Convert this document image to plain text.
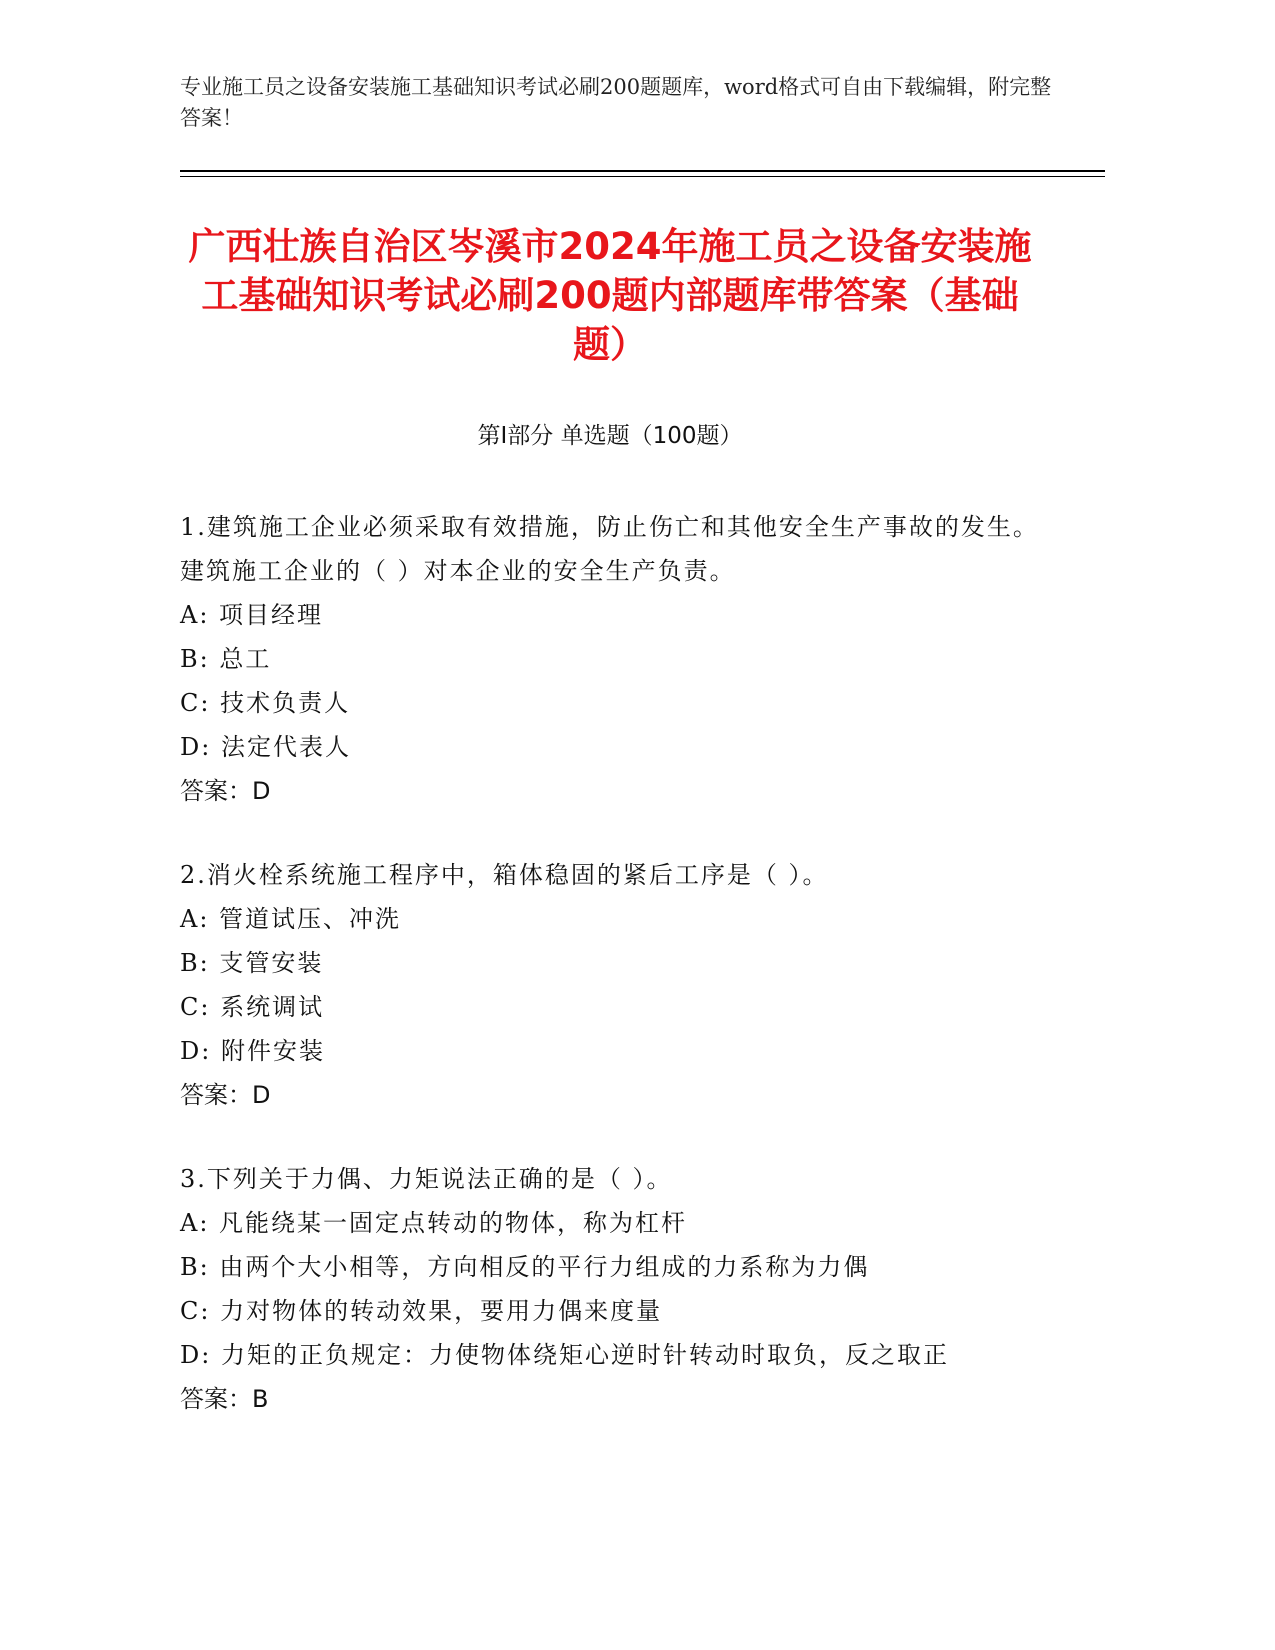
专业施工员之设备安装施工基础知识考试必刷200题题库，word格式可自由下载编辑，附完整答案！
广西壮族自治区岑溪市2024年施工员之设备安装施工基础知识考试必刷200题内部题库带答案（基础题）
第I部分 单选题（100题）
1.建筑施工企业必须采取有效措施，防止伤亡和其他安全生产事故的发生。建筑施工企业的（ ）对本企业的安全生产负责。
A: 项目经理
B: 总工
C: 技术负责人
D: 法定代表人
答案：D
2.消火栓系统施工程序中，箱体稳固的紧后工序是（ ）。
A: 管道试压、冲洗
B: 支管安装
C: 系统调试
D: 附件安装
答案：D
3.下列关于力偶、力矩说法正确的是（ ）。
A: 凡能绕某一固定点转动的物体，称为杠杆
B: 由两个大小相等，方向相反的平行力组成的力系称为力偶
C: 力对物体的转动效果，要用力偶来度量
D: 力矩的正负规定：力使物体绕矩心逆时针转动时取负，反之取正
答案：B
